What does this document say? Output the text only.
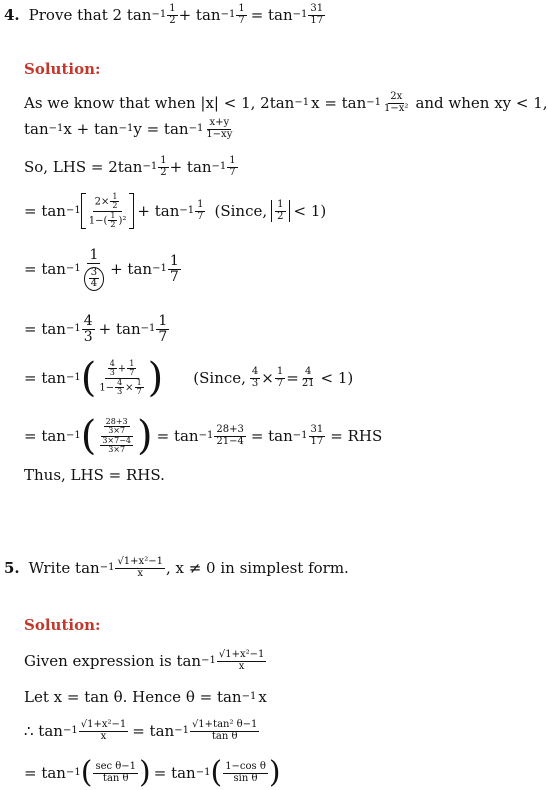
4. Prove that 2 $\tan -1 \frac{1}{2} + \tan -1 \frac{1}{7} = \tan -1 \frac{31}{17}$
Solution:
As we know that when |x| < 1, 2tan −1 $x = \tan -1 \frac{2x}{\text{1−x²}}$ and when xy < 1,
tan −1 x + tan −1 $y = \tan -1 \frac{x+y}{1-xy}$
So, LHS = $2\tan -1 \frac{1}{2} + \tan -1 \frac{1}{7}$
= $\tan -1 \frac{2\times \frac{1}{2}}{1-( \frac{1}{2} )^2} + \tan -1 \frac{1}{7}$ (Since, $\frac{1}{2} < 1$)
= $\tan -1 \frac{1}{\frac{3}{4}} + \tan -1 \frac{1}{7}$
= $\tan -1 \frac{4}{3} + \tan -1 \frac{1}{7}$
= tan −1 ( $\frac{\frac{4}{3} + \frac{1}{7}}{1- \frac{4}{3} \times \frac{1}{7}}$ ) (Since, $\frac{4}{3} \times \frac{1}{7} = \frac{4}{21} < 1$)
= tan −1 ( $\frac{\frac{28+3}{3\times 7}}{\frac{3\times 7-4}{3\times 7}}$ ) = $\tan -1 \frac{28+3}{21-4} = \tan -1 \frac{31}{17}$ = RHS
Thus, LHS = RHS.
5. Write $\tan -1 \frac{\text{√1+x²−1}}{x}$ , x ≠ 0 in simplest form.
Solution:
Given expression is $\tan -1 \frac{\text{√1+x²−1}}{x}$
Let x = tan θ. Hence θ = tan −1 x
∴ $\tan -1 \frac{\text{√1+x²−1}}{x} = \tan -1 \frac{\text{√1+tan² θ−1}}{\text{tan θ}}$
= tan −1 ( $\frac{\text{sec θ−1}}{\text{tan θ}}$ ) = tan −1 ( $\frac{\text{1−cos θ}}{\text{sin θ}}$ )
